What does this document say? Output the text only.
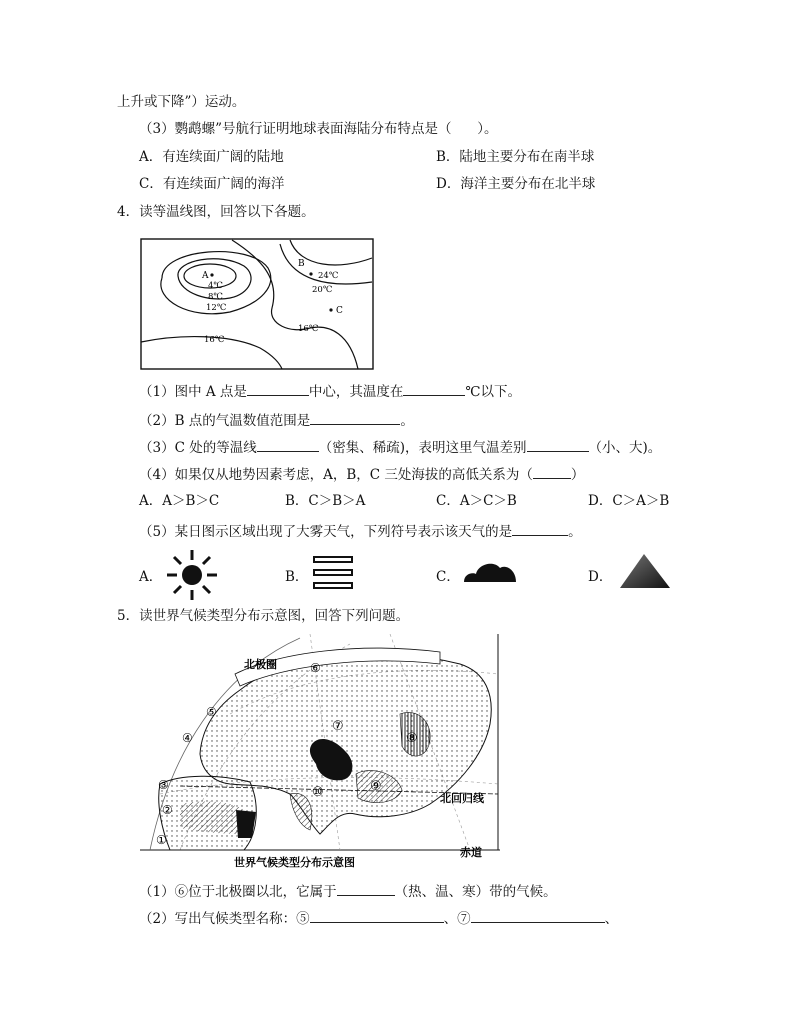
上升或下降”）运动。
（3）鹦鹉螺”号航行证明地球表面海陆分布特点是（      ）。
A．有连续面广阔的陆地	B．陆地主要分布在南半球
C．有连续面广阔的海洋	D．海洋主要分布在北半球
4．读等温线图，回答以下各题。
A
B
C
4℃
8℃
12℃
16℃
20℃
24℃
16℃
（1）图中 A 点是	中心，其温度在	℃以下。
（2）B 点的气温数值范围是	。
（3）C 处的等温线	（密集、稀疏)，表明这里气温差别	（小、大)。
（4）如果仅从地势因素考虑，A，B，C 三处海拔的高低关系为（	）
A．A＞B＞C	B．C＞B＞A	C．A＞C＞B	D．C＞A＞B
（5）某日图示区域出现了大雾天气，下列符号表示该天气的是	。
A．	B．	C．	D．
5．读世界气候类型分布示意图，回答下列问题。
北极圈
北回归线
赤道
世界气候类型分布示意图
①
②
③
④
⑤
⑥
⑦
⑧
⑨
⑩
（1）⑥位于北极圈以北，它属于	（热、温、寒）带的气候。
（2）写出气候类型名称：⑤	、⑦	、
